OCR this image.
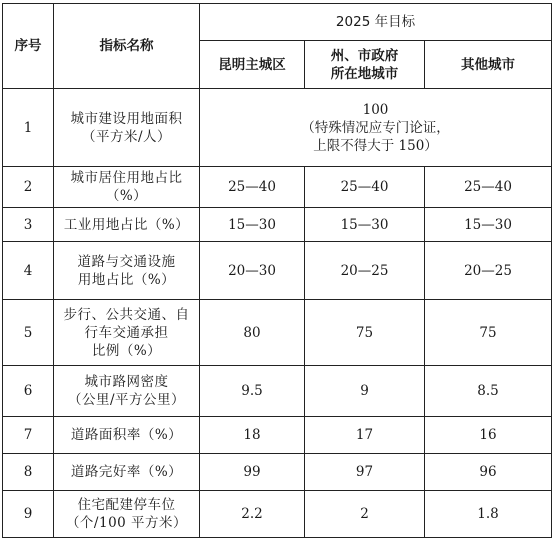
序号	指标名称	2025 年目标		

		昆明主城区	州、市政府
所在地城市	其他城市

1	城市建设用地面积
（平方米/人）	100
（特殊情况应专门论证，
上限不得大于 150）		

2	城市居住用地占比（%）	25—40	25—40	25—40
3	工业用地占比（%）	15—30	15—30	15—30
4	道路与交通设施
用地占比（%）	20—30	20—25	20—25
5	步行、公共交通、自
行车交通承担
比例（%）	80	75	75
6	城市路网密度
（公里/平方公里）	9.5	9	8.5
7	道路面积率（%）	18	17	16
8	道路完好率（%）	99	97	96
9	住宅配建停车位
（个/100 平方米）	2.2	2	1.8
